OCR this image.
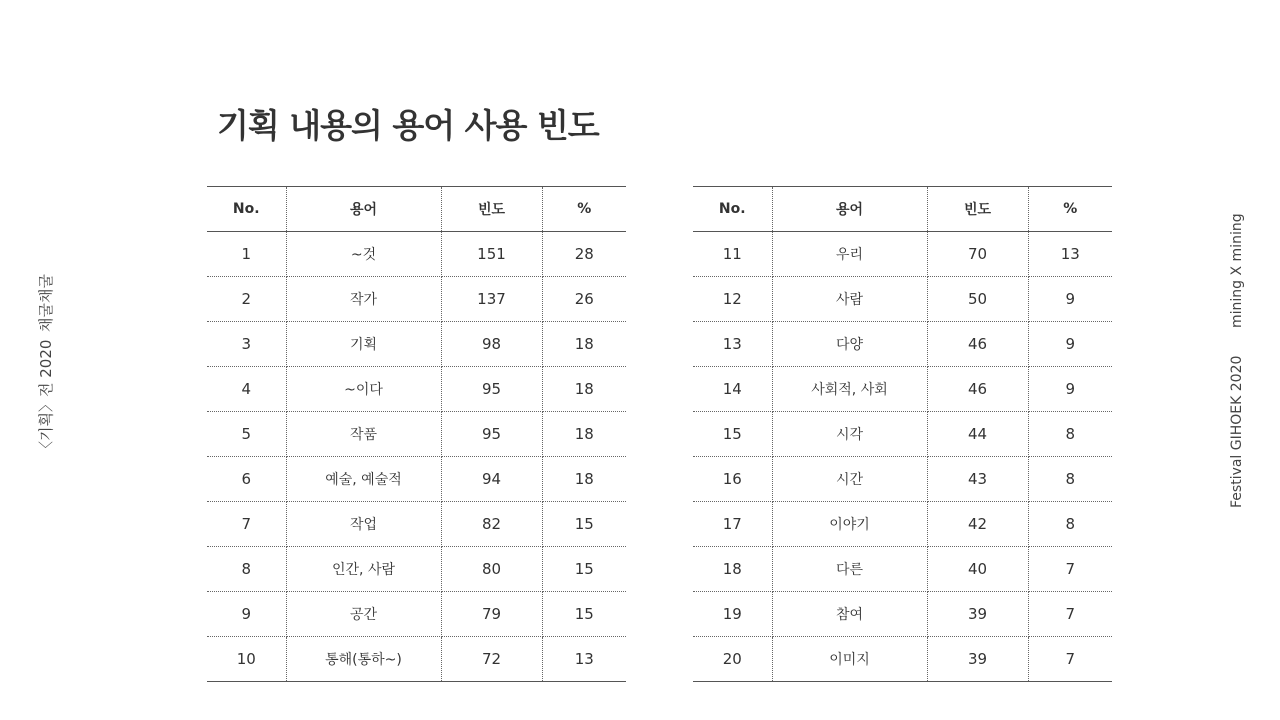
기획 내용의 용어 사용 빈도
채굴채굴
〈기획〉전 2020
mining X mining
Festival GIHOEK 2020
No.	용어	빈도	%
1	~것	151	28
2	작가	137	26
3	기획	98	18
4	~이다	95	18
5	작품	95	18
6	예술, 예술적	94	18
7	작업	82	15
8	인간, 사람	80	15
9	공간	79	15
10	통해(통하~)	72	13
No.	용어	빈도	%
11	우리	70	13
12	사람	50	9
13	다양	46	9
14	사회적, 사회	46	9
15	시각	44	8
16	시간	43	8
17	이야기	42	8
18	다른	40	7
19	참여	39	7
20	이미지	39	7
